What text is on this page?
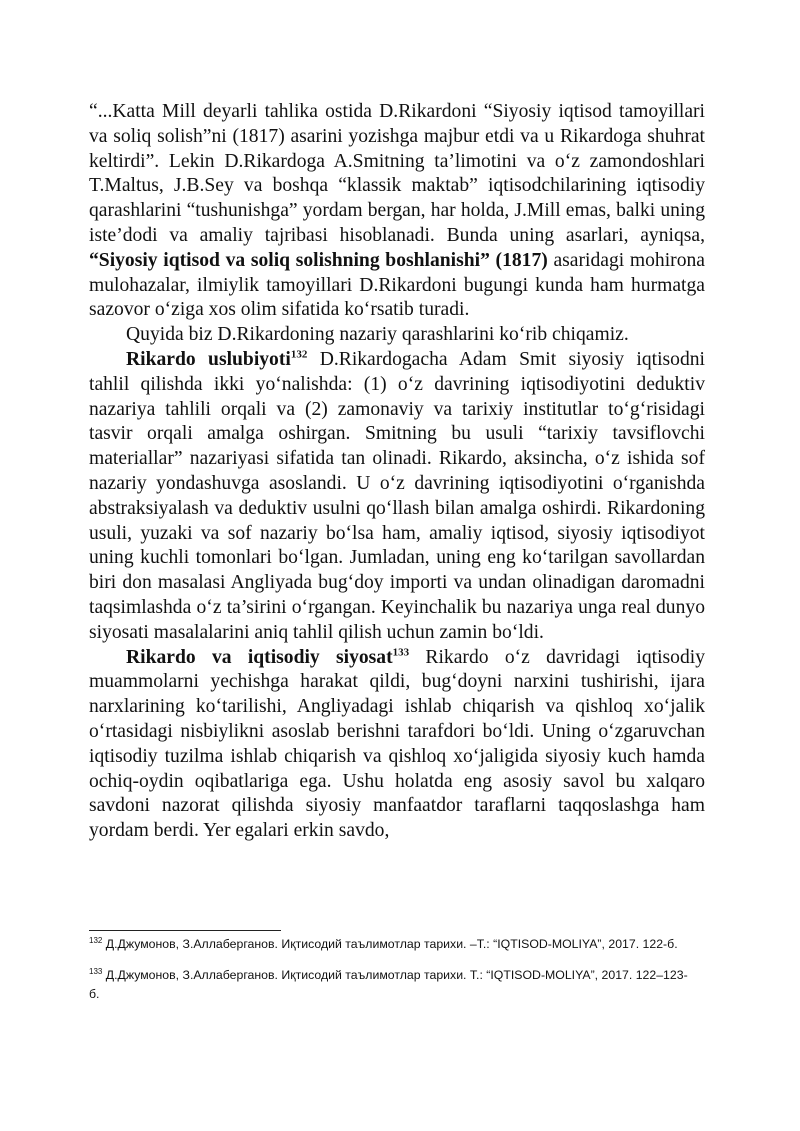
“...Katta Mill deyarli tahlika ostida D.Rikardoni “Siyosiy iqtisod tamoyillari va soliq solish”ni (1817) asarini yozishga majbur etdi va u Rikardoga shuhrat keltirdi”. Lekin D.Rikardoga A.Smitning ta’limotini va o‘z zamondoshlari T.Maltus, J.B.Sey va boshqa “klassik maktab” iqtisodchilarining iqtisodiy qarashlarini “tushunishga” yordam bergan, har holda, J.Mill emas, balki uning iste’dodi va amaliy tajribasi hisoblanadi. Bunda uning asarlari, ayniqsa, “Siyosiy iqtisod va soliq solishning boshlanishi” (1817) asaridagi mohirona mulohazalar, ilmiylik tamoyillari D.Rikardoni bugungi kunda ham hurmatga sazovor o‘ziga xos olim sifatida ko‘rsatib turadi.

Quyida biz D.Rikardoning nazariy qarashlarini ko‘rib chiqamiz.

Rikardo uslubiyoti$^{132}$ D.Rikardogacha Adam Smit siyosiy iqtisodni tahlil qilishda ikki yo‘nalishda: (1) o‘z davrining iqtisodiyotini deduktiv nazariya tahlili orqali va (2) zamonaviy va tarixiy institutlar to‘g‘risidagi tasvir orqali amalga oshirgan. Smitning bu usuli “tarixiy tavsiflovchi materiallar” nazariyasi sifatida tan olinadi. Rikardo, aksincha, o‘z ishida sof nazariy yondashuvga asoslandi. U o‘z davrining iqtisodiyotini o‘rganishda abstraksiyalash va deduktiv usulni qo‘llash bilan amalga oshirdi. Rikardoning usuli, yuzaki va sof nazariy bo‘lsa ham, amaliy iqtisod, siyosiy iqtisodiyot uning kuchli tomonlari bo‘lgan. Jumladan, uning eng ko‘tarilgan savollardan biri don masalasi Angliyada bug‘doy importi va undan olinadigan daromadni taqsimlashda o‘z ta’sirini o‘rgangan. Keyinchalik bu nazariya unga real dunyo siyosati masalalarini aniq tahlil qilish uchun zamin bo‘ldi.

Rikardo va iqtisodiy siyosat$^{133}$ Rikardo o‘z davridagi iqtisodiy muammolarni yechishga harakat qildi, bug‘doyni narxini tushirishi, ijara narxlarining ko‘tarilishi, Angliyadagi ishlab chiqarish va qishloq xo‘jalik o‘rtasidagi nisbiylikni asoslab berishni tarafdori bo‘ldi. Uning o‘zgaruvchan iqtisodiy tuzilma ishlab chiqarish va qishloq xo‘jaligida siyosiy kuch hamda ochiq-oydin oqibatlariga ega. Ushu holatda eng asosiy savol bu xalqaro savdoni nazorat qilishda siyosiy manfaatdor taraflarni taqqoslashga ham yordam berdi. Yer egalari erkin savdo,

$^{132}$ Д.Джумонов, З.Аллаберганов. Иқтисодий таълимотлар тарихи. –Т.: “IQTISOD-MOLIYA”, 2017. 122-б.

$^{133}$ Д.Джумонов, З.Аллаберганов. Иқтисодий таълимотлар тарихи. Т.: “IQTISOD-MOLIYA”, 2017. 122–123-б.
